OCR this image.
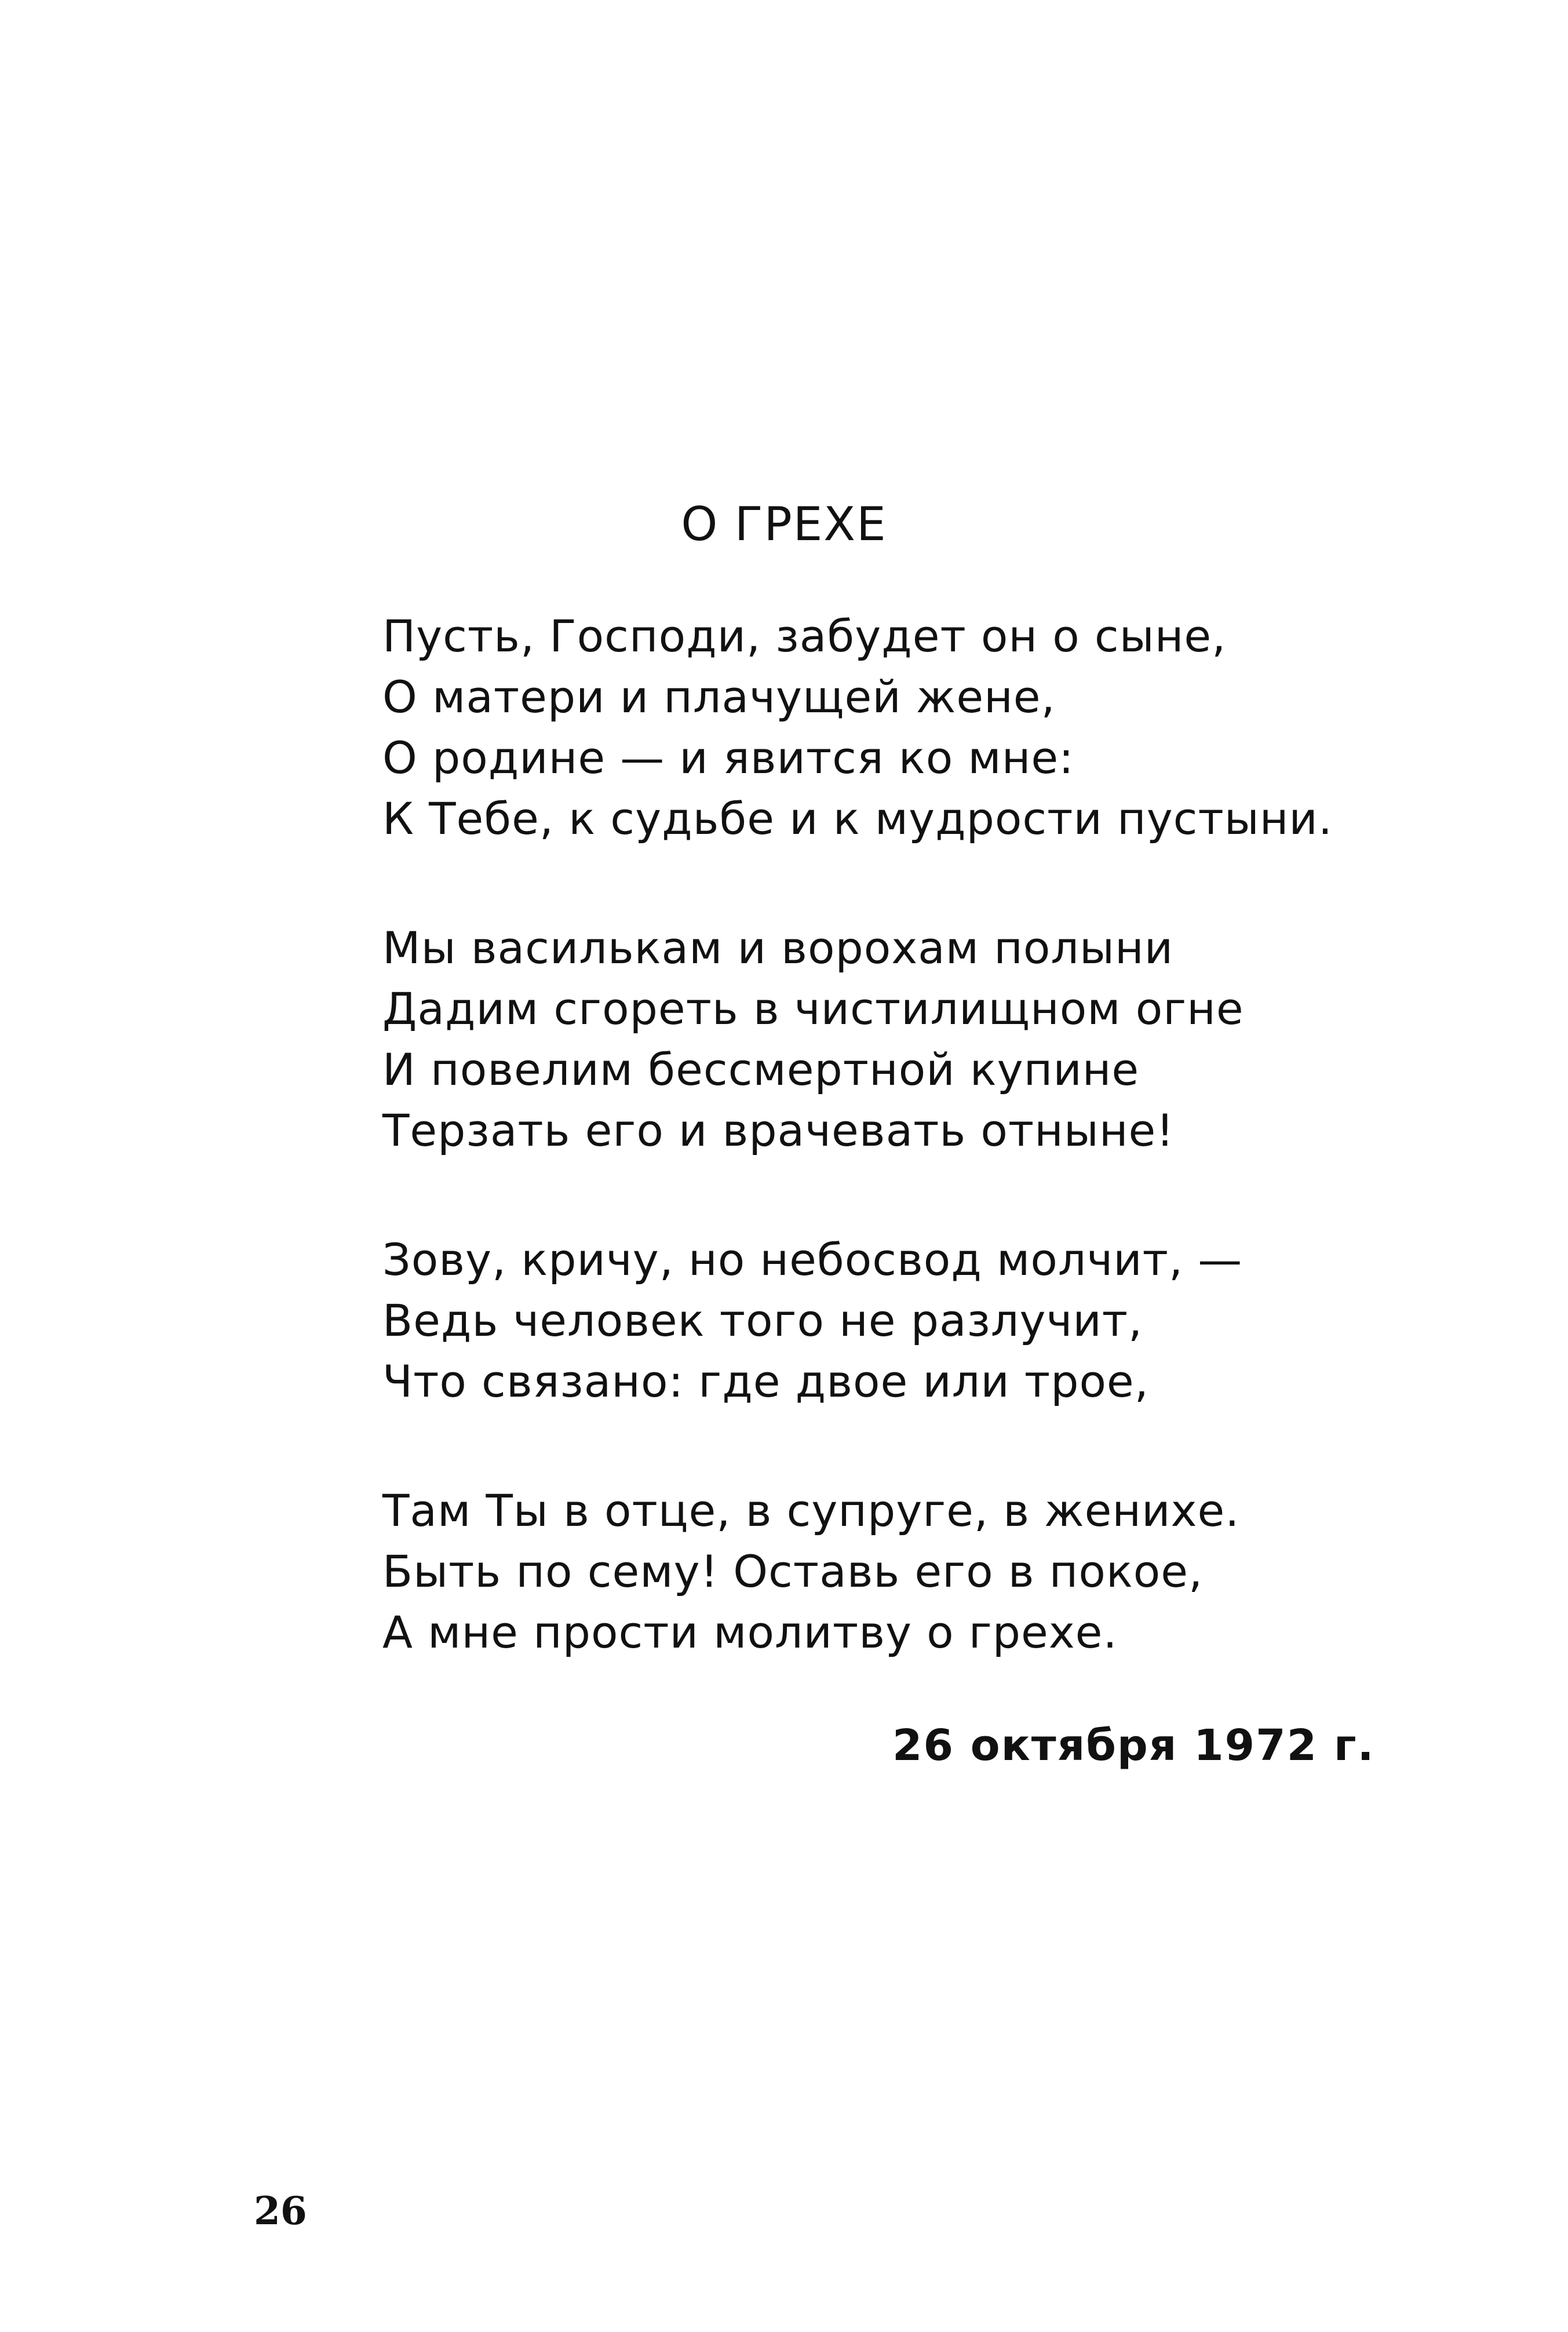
О ГРЕХЕ
Пусть, Господи, забудет он о сыне,
О матери и плачущей жене,
О родине — и явится ко мне:
К Тебе, к судьбе и к мудрости пустыни.
Мы василькам и ворохам полыни
Дадим сгореть в чистилищном огне
И повелим бессмертной купине
Терзать его и врачевать отныне!
Зову, кричу, но небосвод молчит, —
Ведь человек того не разлучит,
Что связано: где двое или трое,
Там Ты в отце, в супруге, в женихе.
Быть по сему! Оставь его в покое,
А мне прости молитву о грехе.
26 октября 1972 г.
26
